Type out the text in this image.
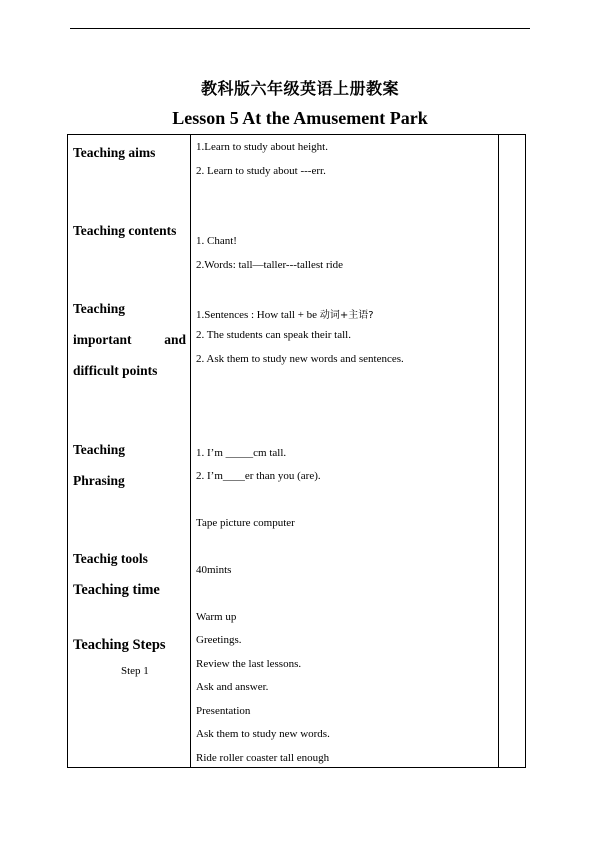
教科版六年级英语上册教案
Lesson 5 At the Amusement Park
Teaching aims
Teaching contents
Teaching
important and
difficult points
Teaching
Phrasing
Teachig tools
Teaching time
Teaching Steps
Step 1
1.Learn to study about height.
2. Learn to study about ---err.
1. Chant!
2.Words: tall—taller---tallest ride
1.Sentences : How tall + be 动词+主语?
2. The students can speak their tall.
2. Ask them to study new words and sentences.
1. I’m _____cm tall.
2. I’m____er than you (are).
Tape picture computer
40mints
Warm up
Greetings.
Review the last lessons.
Ask and answer.
Presentation
Ask them to study new words.
Ride roller coaster tall enough
